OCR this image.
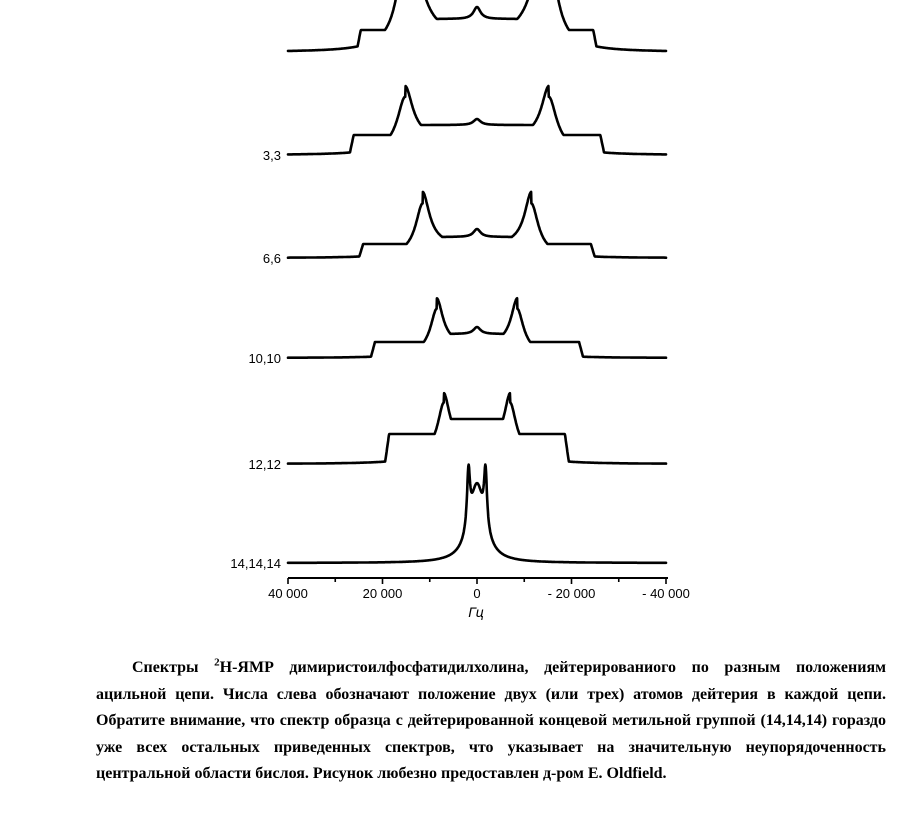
3,3
6,6
10,10
12,12
14,14,14
40 000	20 000	0	- 20 000	- 40 000
Гц

Спектры $^2$H-ЯМР димиристоилфосфатидилхолина, дейтерированиого по разным положениям ацильной цепи. Числа слева обозначают положение двух (или трех) атомов дейтерия в каждой цепи. Обратите внимание, что спектр образца с дейтерированной концевой метильной группой (14,14,14) гораздо уже всех остальных приведенных спектров, что указывает на значительную неупорядоченность центральной области бислоя. Рисунок любезно предоставлен д-ром E. Oldfield.
